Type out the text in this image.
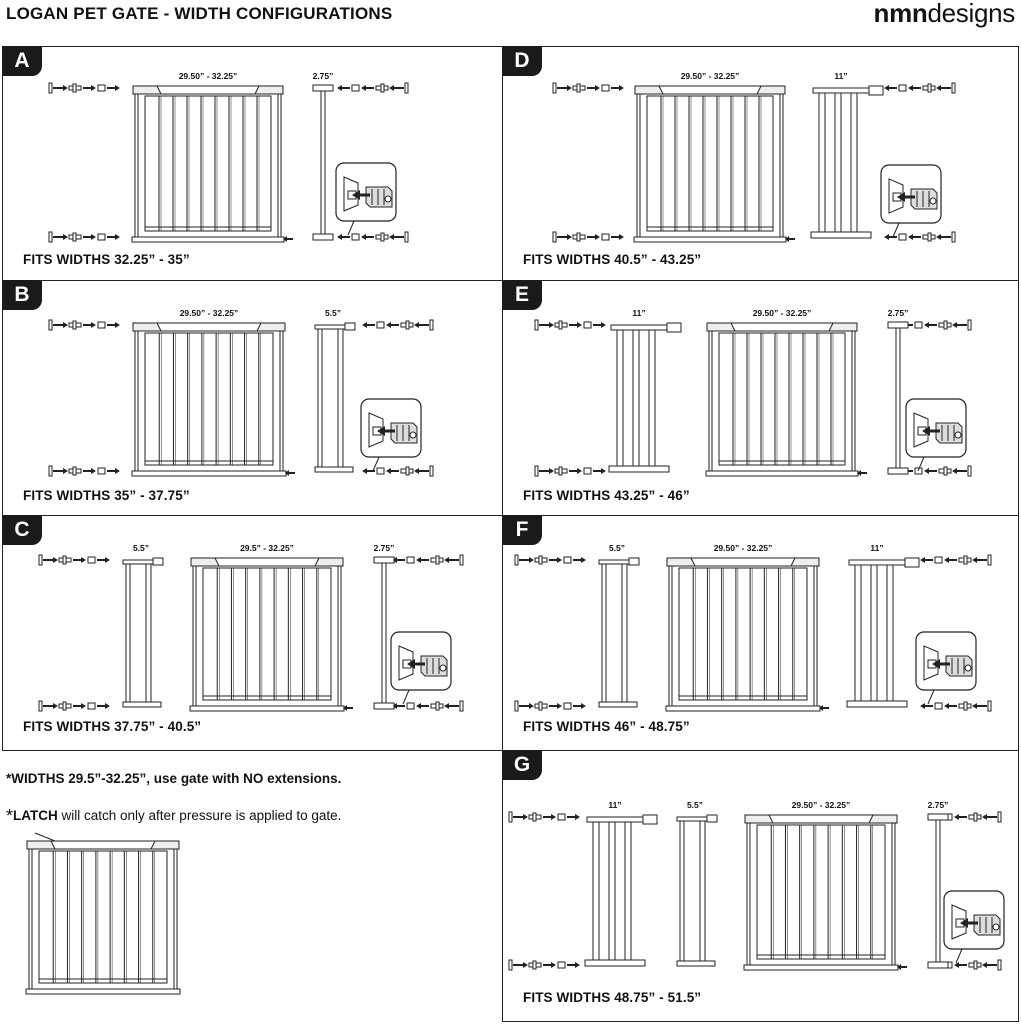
LOGAN PET GATE - WIDTH CONFIGURATIONS	nmndesigns
29.50” - 32.25”	2.75”
A
FITS WIDTHS 32.25” - 35”
29.50” - 32.25”	5.5”
B
FITS WIDTHS 35” - 37.75”
5.5”	29.5” - 32.25”	2.75”
C
FITS WIDTHS 37.75” - 40.5”
29.50” - 32.25”	11”
D
FITS WIDTHS 40.5” - 43.25”
11”	29.50” - 32.25”	2.75”
E
FITS WIDTHS 43.25” - 46”
5.5”	29.50” - 32.25”	11”
F
FITS WIDTHS 46” - 48.75”
11”	5.5”	29.50” - 32.25”	2.75”
G
FITS WIDTHS 48.75” - 51.5”
*WIDTHS 29.5”-32.25”, use gate with NO extensions.
*LATCH will catch only after pressure is applied to gate.
